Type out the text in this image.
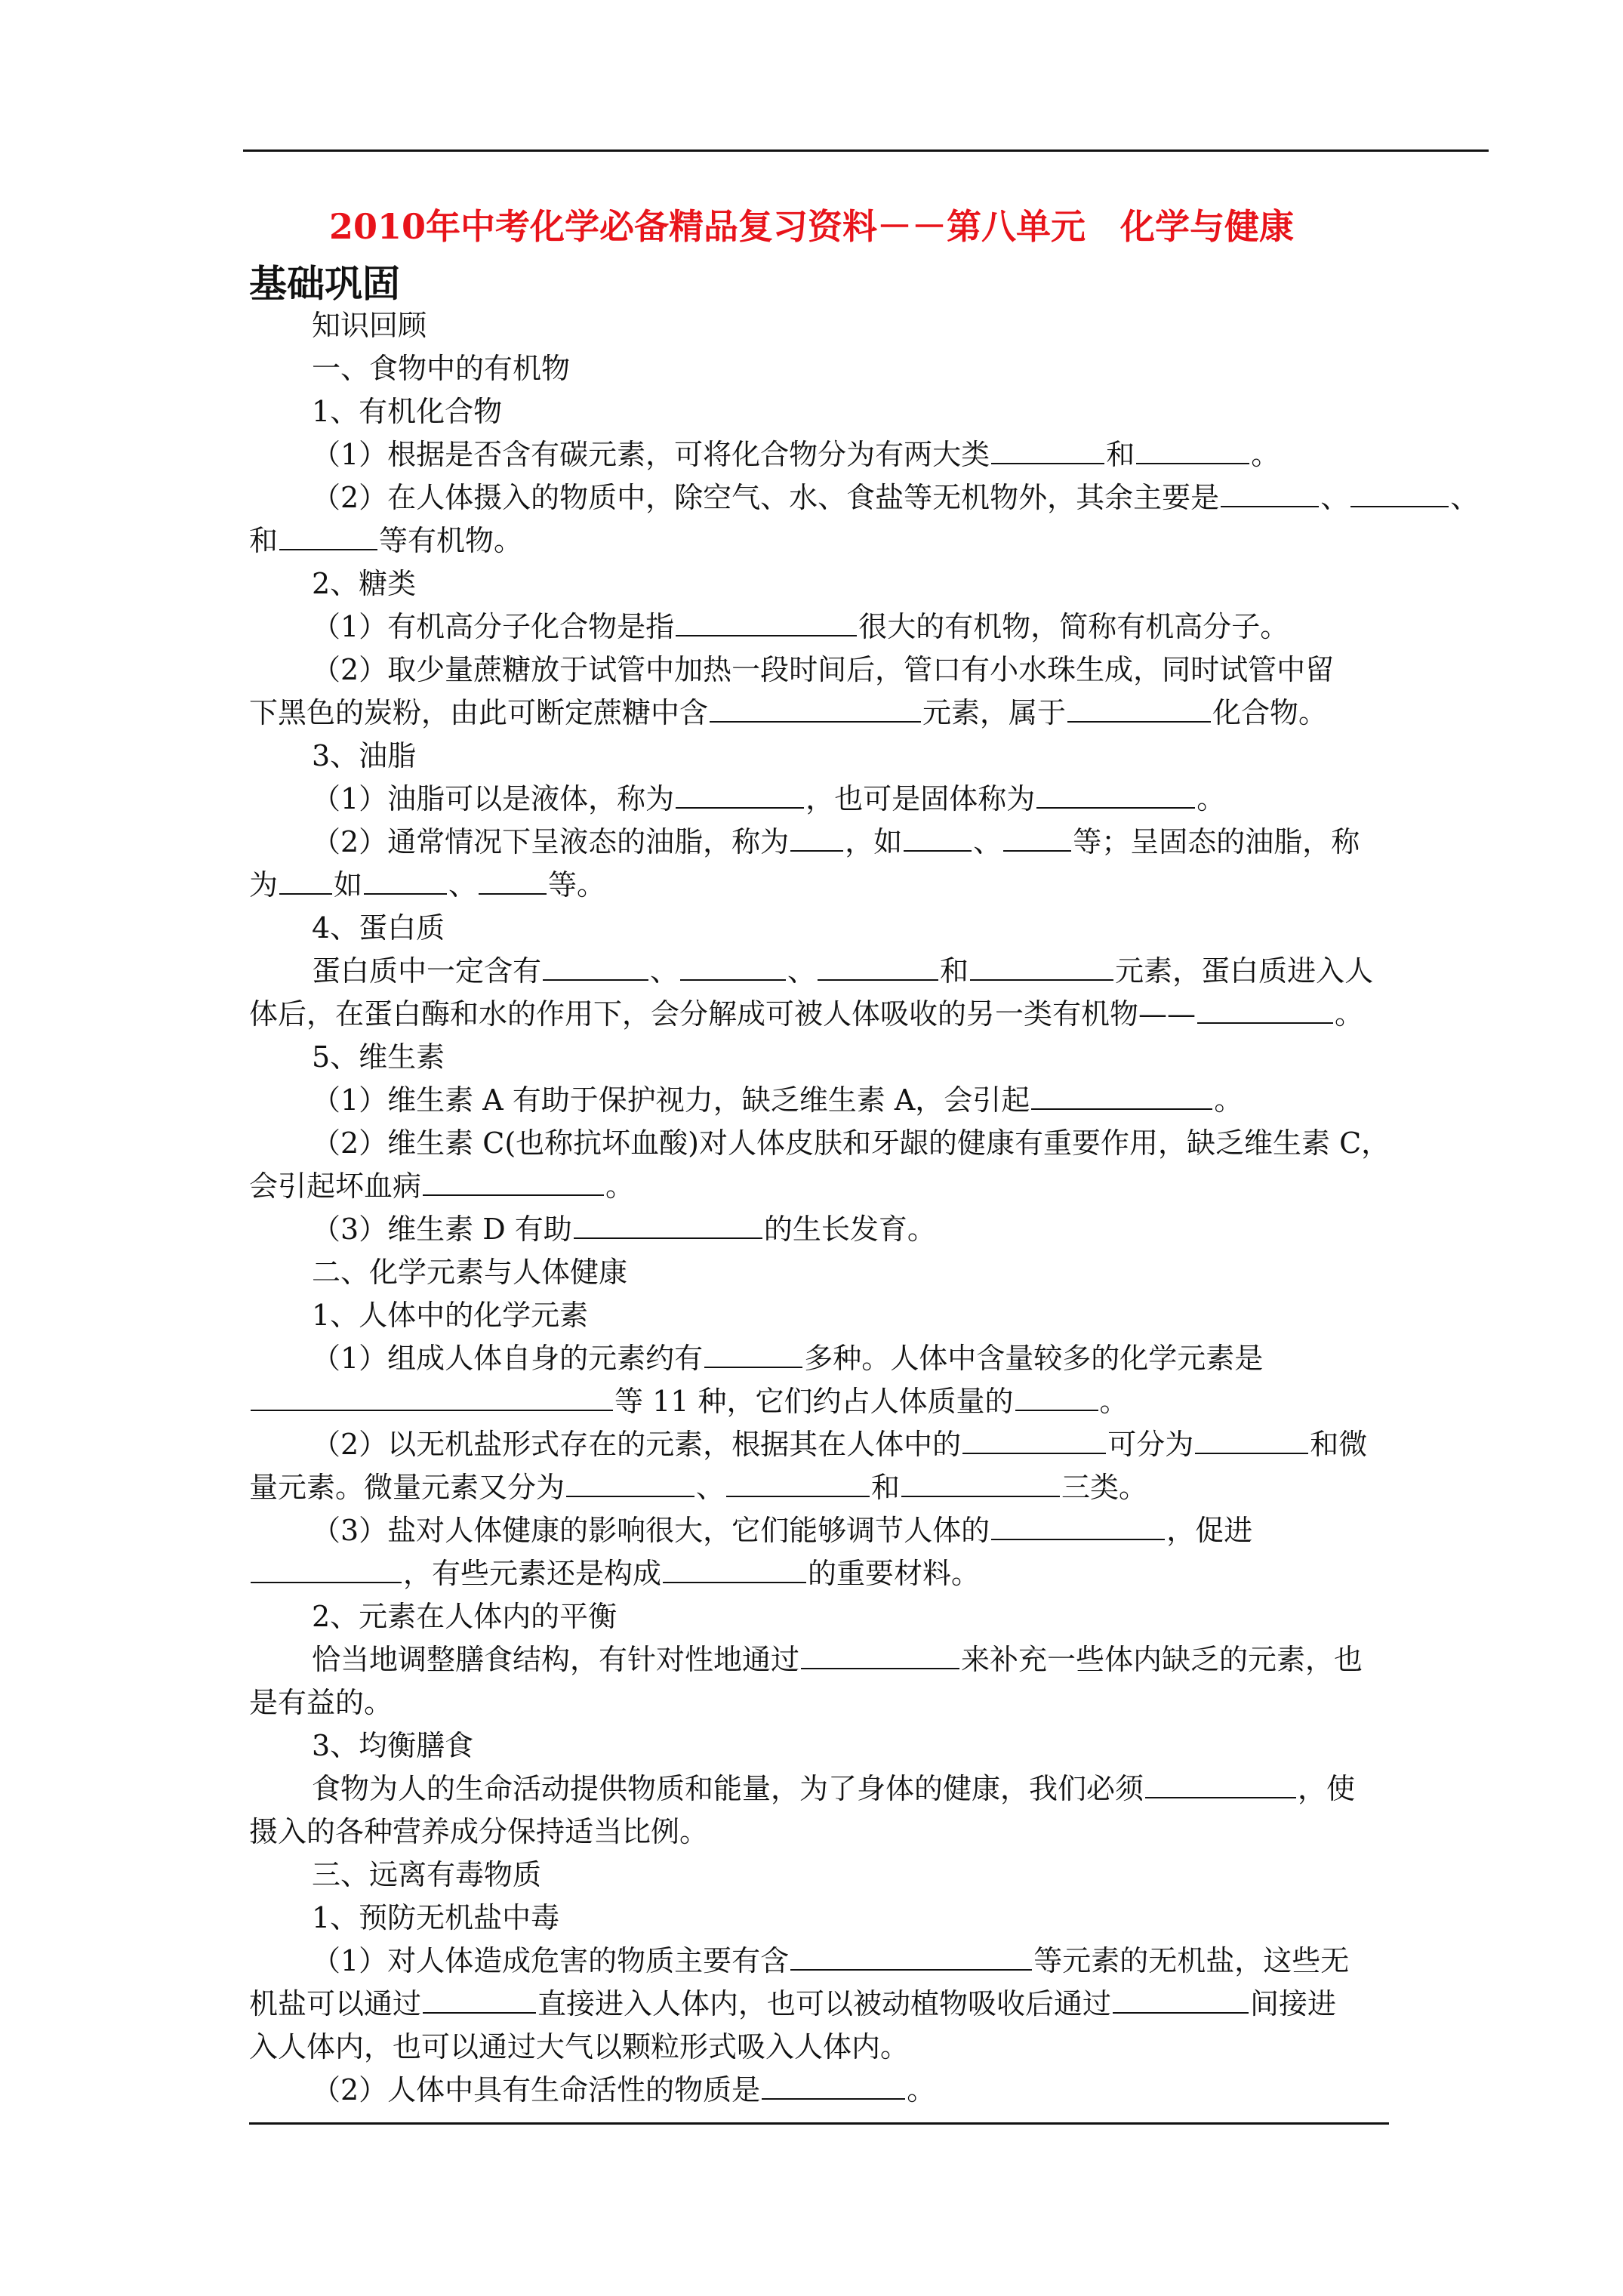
2010年中考化学必备精品复习资料－－第八单元　化学与健康
基础巩固
知识回顾
一、食物中的有机物
1、有机化合物
（1）根据是否含有碳元素，可将化合物分为有两大类	和	。
（2）在人体摄入的物质中，除空气、水、食盐等无机物外，其余主要是	、	、
和	等有机物。
2、糖类
（1）有机高分子化合物是指	很大的有机物，简称有机高分子。
（2）取少量蔗糖放于试管中加热一段时间后，管口有小水珠生成，同时试管中留
下黑色的炭粉，由此可断定蔗糖中含	元素，属于	化合物。
3、油脂
（1）油脂可以是液体，称为	，也可是固体称为	。
（2）通常情况下呈液态的油脂，称为 ，如 、 等；呈固态的油脂，称
为 如	、 等。
4、蛋白质
蛋白质中一定含有	、	、	和	元素，蛋白质进入人
体后，在蛋白酶和水的作用下，会分解成可被人体吸收的另一类有机物——	。
5、维生素
（1）维生素 A 有助于保护视力，缺乏维生素 A，会引起	。
（2）维生素 C(也称抗坏血酸)对人体皮肤和牙龈的健康有重要作用，缺乏维生素 C，
会引起坏血病	。
（3）维生素 D 有助	的生长发育。
二、化学元素与人体健康
1、人体中的化学元素
（1）组成人体自身的元素约有	多种。人体中含量较多的化学元素是
等 11 种，它们约占人体质量的	。
（2）以无机盐形式存在的元素，根据其在人体中的	可分为	和微
量元素。微量元素又分为	、	和	三类。
（3）盐对人体健康的影响很大，它们能够调节人体的	，促进
，有些元素还是构成	的重要材料。
2、元素在人体内的平衡
恰当地调整膳食结构，有针对性地通过	来补充一些体内缺乏的元素，也
是有益的。
3、均衡膳食
食物为人的生命活动提供物质和能量，为了身体的健康，我们必须	，使
摄入的各种营养成分保持适当比例。
三、远离有毒物质
1、预防无机盐中毒
（1）对人体造成危害的物质主要有含	等元素的无机盐，这些无
机盐可以通过	直接进入人体内，也可以被动植物吸收后通过	间接进
入人体内，也可以通过大气以颗粒形式吸入人体内。
（2）人体中具有生命活性的物质是	。
